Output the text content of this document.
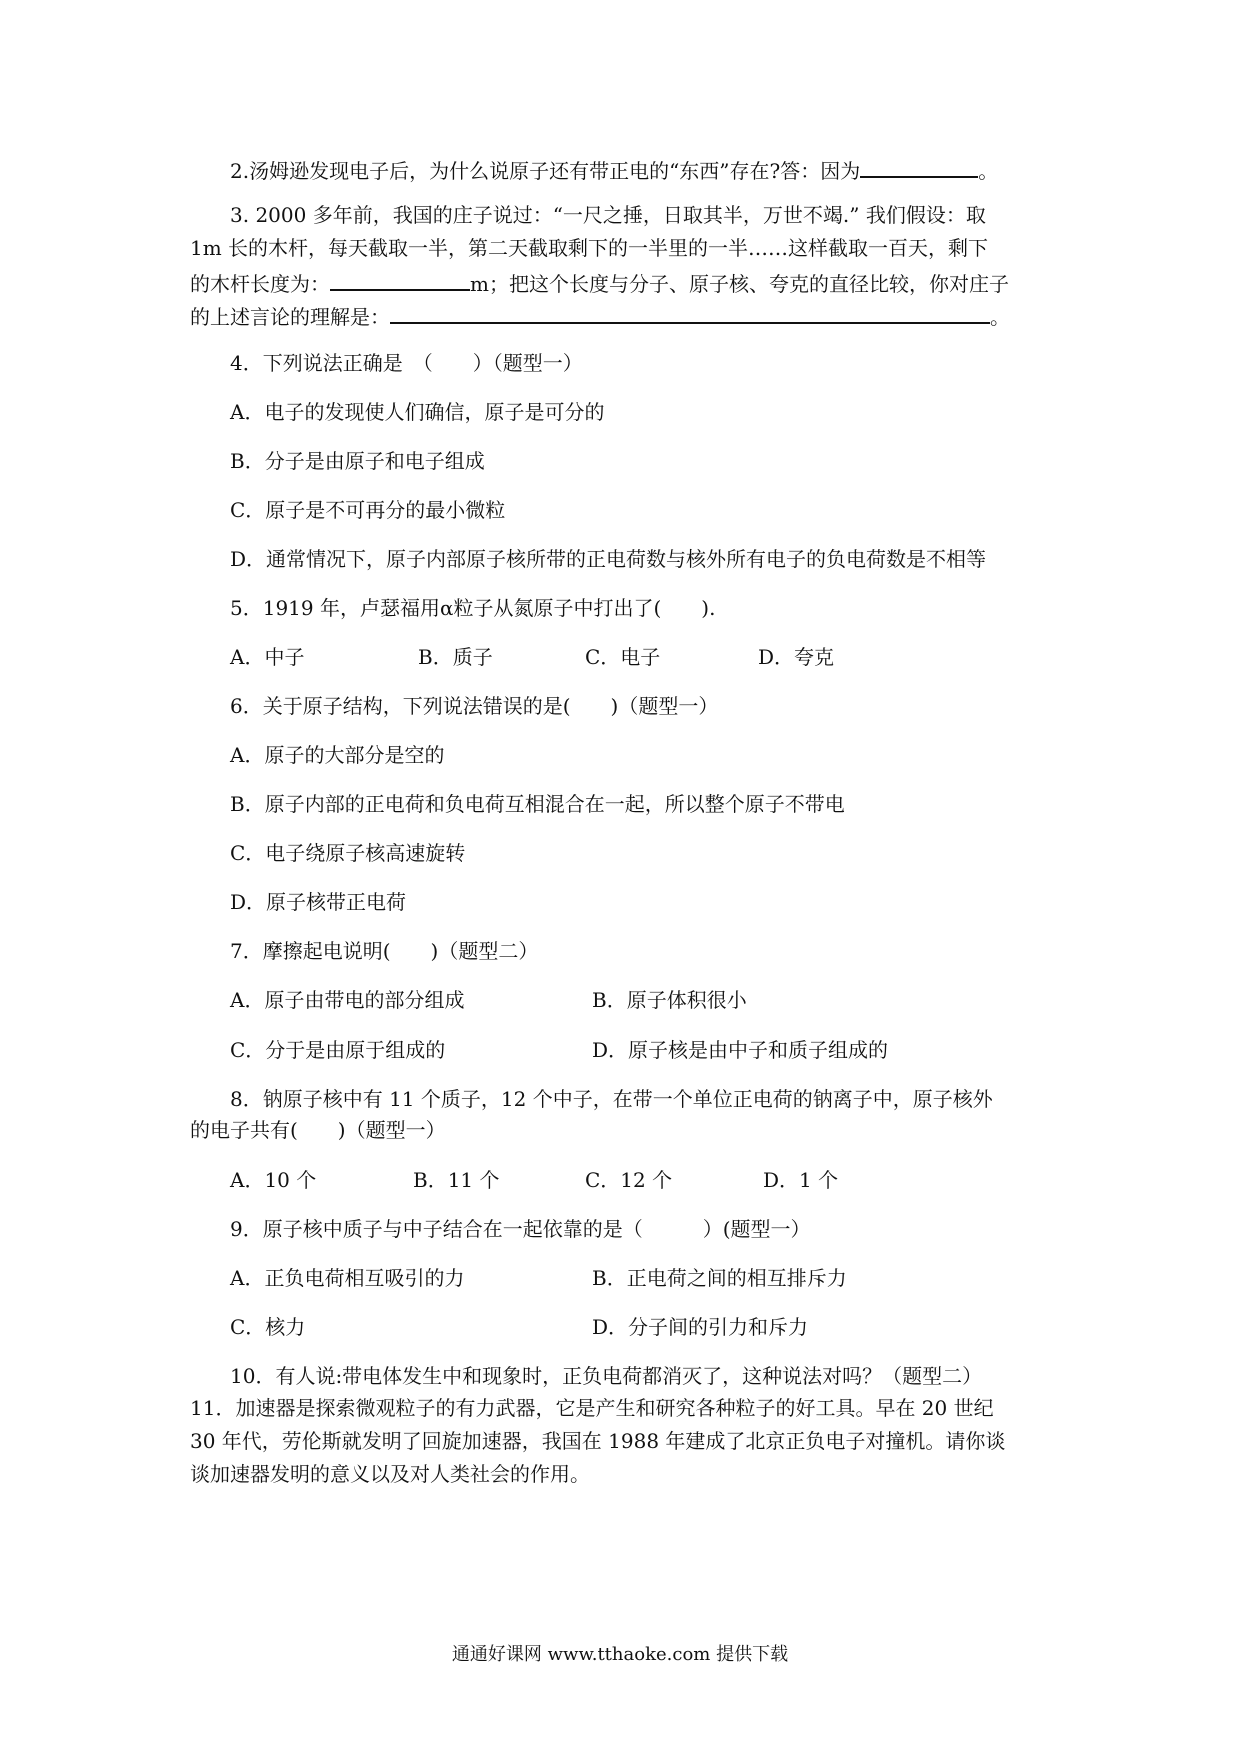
2.汤姆逊发现电子后，为什么说原子还有带正电的“东西”存在?答：因为	。
3. 2000 多年前，我国的庄子说过：“一尺之捶，日取其半，万世不竭.” 我们假设：取
1m 长的木杆，每天截取一半，第二天截取剩下的一半里的一半……这样截取一百天，剩下
的木杆长度为：	m；把这个长度与分子、原子核、夸克的直径比较，你对庄子
的上述言论的理解是：	。
4．下列说法正确是　（　　）（题型一）
A．电子的发现使人们确信，原子是可分的
B．分子是由原子和电子组成
C．原子是不可再分的最小微粒
D．通常情况下，原子内部原子核所带的正电荷数与核外所有电子的负电荷数是不相等
5．1919 年，卢瑟福用α粒子从氮原子中打出了(　　).
A．中子	B．质子	C．电子	D．夸克
6．关于原子结构，下列说法错误的是(　　)（题型一）
A．原子的大部分是空的
B．原子内部的正电荷和负电荷互相混合在一起，所以整个原子不带电
C．电子绕原子核高速旋转
D．原子核带正电荷
7．摩擦起电说明(　　)（题型二）
A．原子由带电的部分组成	B．原子体积很小
C．分于是由原于组成的	D．原子核是由中子和质子组成的
8．钠原子核中有 11 个质子，12 个中子，在带一个单位正电荷的钠离子中，原子核外
的电子共有(　　)（题型一）
A．10 个	B．11 个	C．12 个	D．1 个
9．原子核中质子与中子结合在一起依靠的是（　　　）(题型一）
A．正负电荷相互吸引的力	B．正电荷之间的相互排斥力
C．核力	D．分子间的引力和斥力
10．有人说:带电体发生中和现象时，正负电荷都消灭了，这种说法对吗？（题型二）
11．加速器是探索微观粒子的有力武器，它是产生和研究各种粒子的好工具。早在 20 世纪
30 年代，劳伦斯就发明了回旋加速器，我国在 1988 年建成了北京正负电子对撞机。请你谈
谈加速器发明的意义以及对人类社会的作用。
通通好课网 www.tthaoke.com 提供下载
